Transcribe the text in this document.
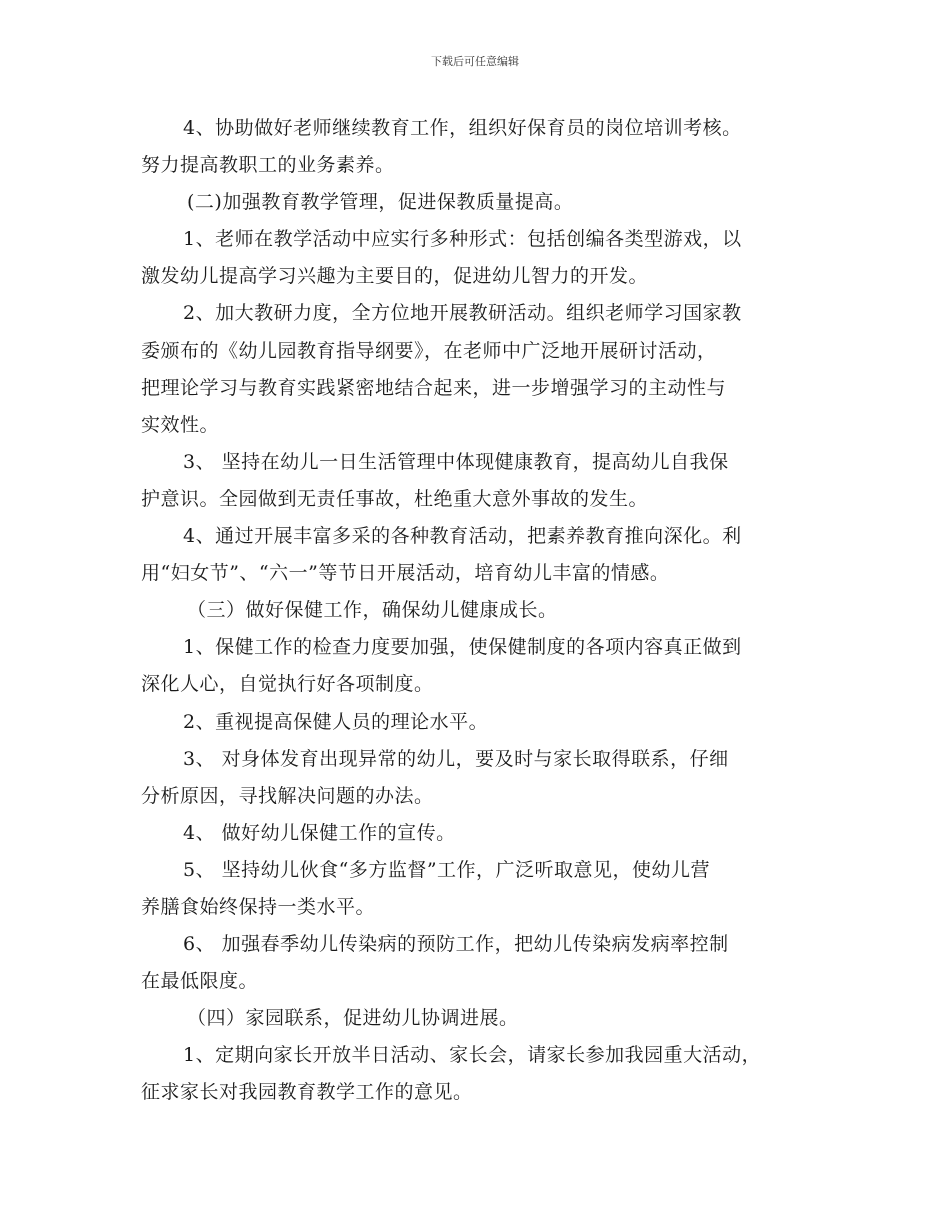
下载后可任意编辑
4、协助做好老师继续教育工作，组织好保育员的岗位培训考核。
努力提高教职工的业务素养。
(二)加强教育教学管理，促进保教质量提高。
1、老师在教学活动中应实行多种形式：包括创编各类型游戏，以
激发幼儿提高学习兴趣为主要目的，促进幼儿智力的开发。
2、加大教研力度，全方位地开展教研活动。组织老师学习国家教
委颁布的《幼儿园教育指导纲要》，在老师中广泛地开展研讨活动，
把理论学习与教育实践紧密地结合起来，进一步增强学习的主动性与
实效性。
3、 坚持在幼儿一日生活管理中体现健康教育，提高幼儿自我保
护意识。全园做到无责任事故，杜绝重大意外事故的发生。
4、通过开展丰富多采的各种教育活动，把素养教育推向深化。利
用“妇女节”、“六一”等节日开展活动，培育幼儿丰富的情感。
（三）做好保健工作，确保幼儿健康成长。
1、保健工作的检查力度要加强，使保健制度的各项内容真正做到
深化人心，自觉执行好各项制度。
2、重视提高保健人员的理论水平。
3、 对身体发育出现异常的幼儿，要及时与家长取得联系，仔细
分析原因，寻找解决问题的办法。
4、 做好幼儿保健工作的宣传。
5、 坚持幼儿伙食“多方监督”工作，广泛听取意见，使幼儿营
养膳食始终保持一类水平。
6、 加强春季幼儿传染病的预防工作，把幼儿传染病发病率控制
在最低限度。
（四）家园联系，促进幼儿协调进展。
1、定期向家长开放半日活动、家长会，请家长参加我园重大活动，
征求家长对我园教育教学工作的意见。
